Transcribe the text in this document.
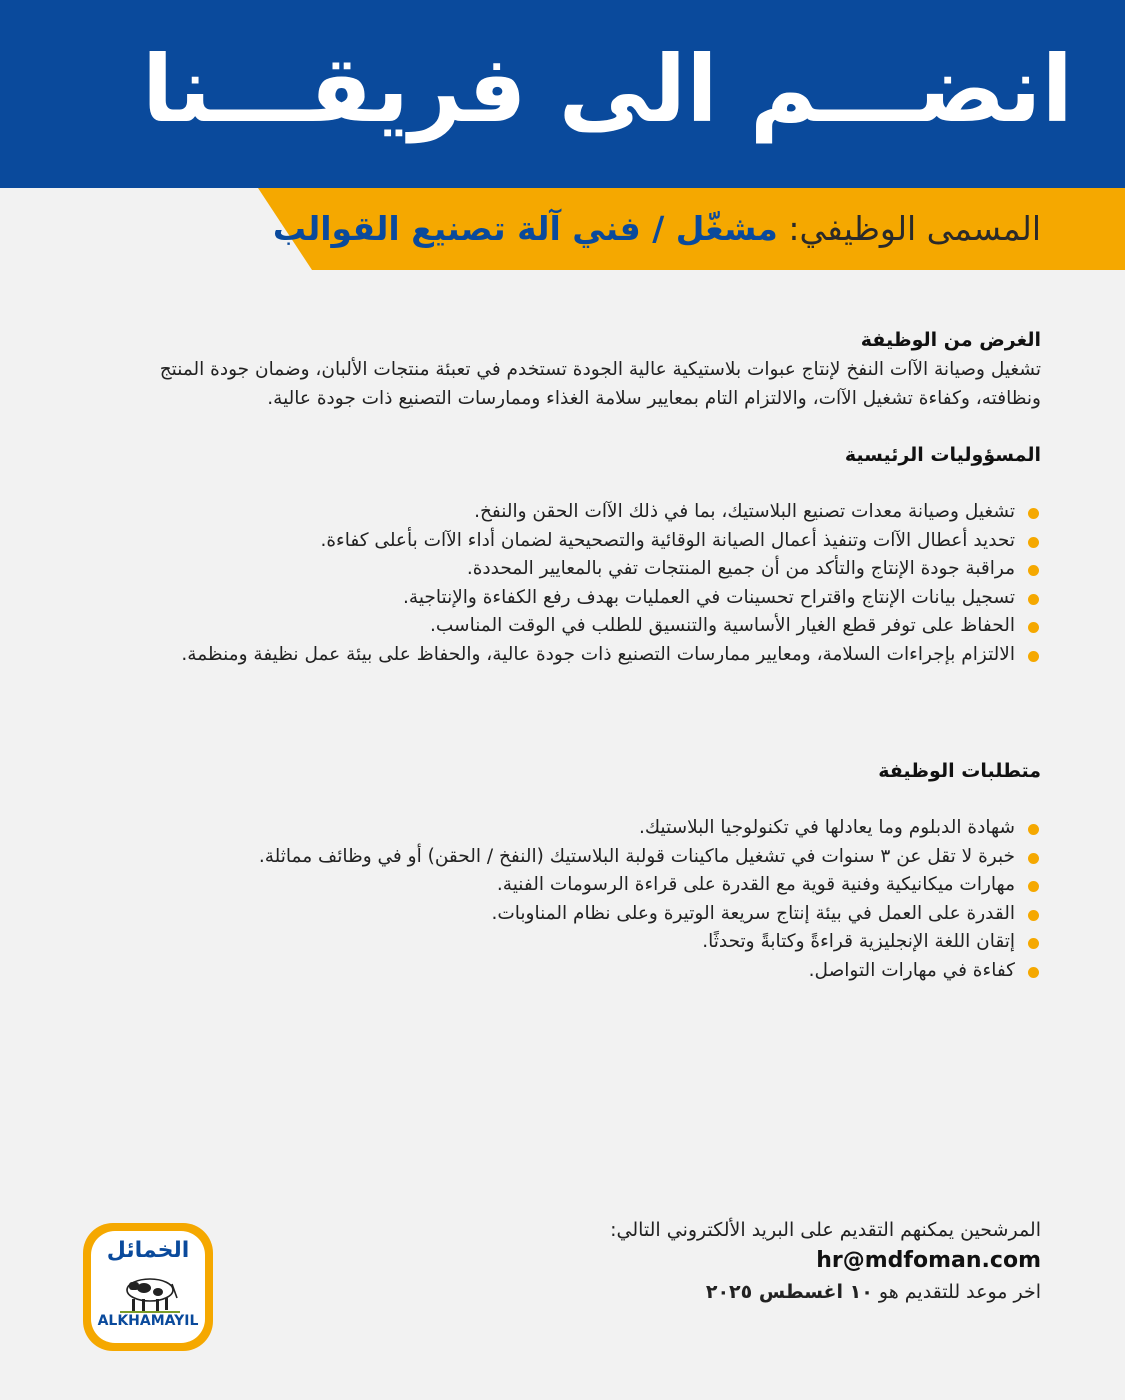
انضـــم الى فريقـــنا
المسمى الوظيفي: مشغّل / فني آلة تصنيع القوالب
الغرض من الوظيفة
تشغيل وصيانة الآات النفخ لإنتاج عبوات بلاستيكية عالية الجودة تستخدم في تعبئة منتجات الألبان، وضمان جودة المنتج ونظافته، وكفاءة تشغيل الآات، والالتزام التام بمعايير سلامة الغذاء وممارسات التصنيع ذات جودة عالية.
المسؤوليات الرئيسية
تشغيل وصيانة معدات تصنيع البلاستيك، بما في ذلك الآات الحقن والنفخ.
تحديد أعطال الآات وتنفيذ أعمال الصيانة الوقائية والتصحيحية لضمان أداء الآات بأعلى كفاءة.
مراقبة جودة الإنتاج والتأكد من أن جميع المنتجات تفي بالمعايير المحددة.
تسجيل بيانات الإنتاج واقتراح تحسينات في العمليات بهدف رفع الكفاءة والإنتاجية.
الحفاظ على توفر قطع الغيار الأساسية والتنسيق للطلب في الوقت المناسب.
الالتزام بإجراءات السلامة، ومعايير ممارسات التصنيع ذات جودة عالية، والحفاظ على بيئة عمل نظيفة ومنظمة.
متطلبات الوظيفة
شهادة الدبلوم وما يعادلها في تكنولوجيا البلاستيك.
خبرة لا تقل عن ٣ سنوات في تشغيل ماكينات قولبة البلاستيك (النفخ / الحقن) أو في وظائف مماثلة.
مهارات ميكانيكية وفنية قوية مع القدرة على قراءة الرسومات الفنية.
القدرة على العمل في بيئة إنتاج سريعة الوتيرة وعلى نظام المناوبات.
إتقان اللغة الإنجليزية قراءةً وكتابةً وتحدثًا.
كفاءة في مهارات التواصل.
المرشحين يمكنهم التقديم على البريد الألكتروني التالي:
hr@mdfoman.com
اخر موعد للتقديم هو ١٠ اغسطس ٢٠٢٥
الخمائل
ALKHAMAYIL
